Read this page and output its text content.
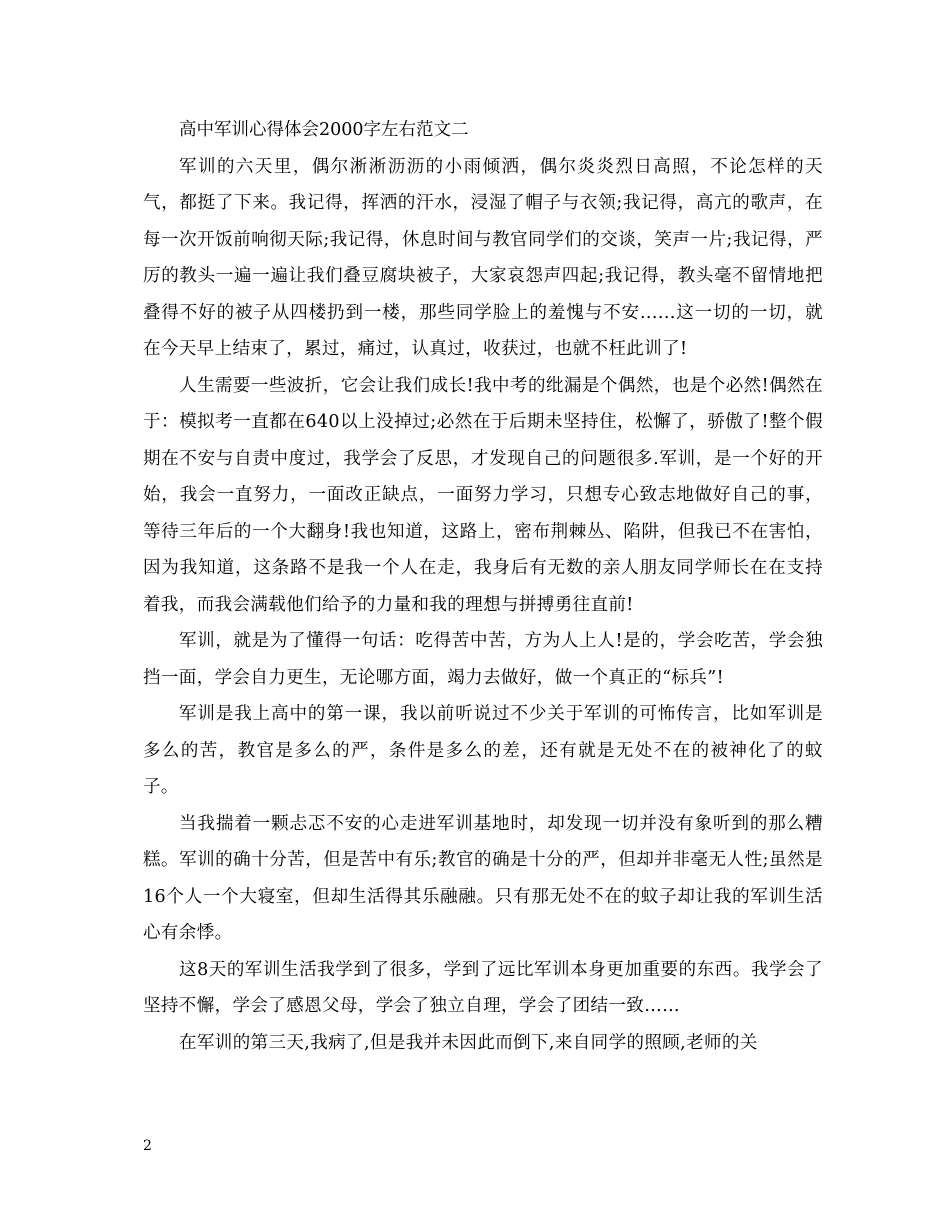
高中军训心得体会2000字左右范文二

军训的六天里，偶尔淅淅沥沥的小雨倾洒，偶尔炎炎烈日高照，不论怎样的天气，都挺了下来。我记得，挥洒的汗水，浸湿了帽子与衣领;我记得，高亢的歌声，在每一次开饭前响彻天际;我记得，休息时间与教官同学们的交谈，笑声一片;我记得，严厉的教头一遍一遍让我们叠豆腐块被子，大家哀怨声四起;我记得，教头毫不留情地把叠得不好的被子从四楼扔到一楼，那些同学脸上的羞愧与不安......这一切的一切，就在今天早上结束了，累过，痛过，认真过，收获过，也就不枉此训了!

人生需要一些波折，它会让我们成长!我中考的纰漏是个偶然，也是个必然!偶然在于：模拟考一直都在640以上没掉过;必然在于后期未坚持住，松懈了，骄傲了!整个假期在不安与自责中度过，我学会了反思，才发现自己的问题很多.军训，是一个好的开始，我会一直努力，一面改正缺点，一面努力学习，只想专心致志地做好自己的事，等待三年后的一个大翻身!我也知道，这路上，密布荆棘丛、陷阱，但我已不在害怕，因为我知道，这条路不是我一个人在走，我身后有无数的亲人朋友同学师长在在支持着我，而我会满载他们给予的力量和我的理想与拼搏勇往直前!

军训，就是为了懂得一句话：吃得苦中苦，方为人上人!是的，学会吃苦，学会独挡一面，学会自力更生，无论哪方面，竭力去做好，做一个真正的“标兵”!

军训是我上高中的第一课，我以前听说过不少关于军训的可怖传言，比如军训是多么的苦，教官是多么的严，条件是多么的差，还有就是无处不在的被神化了的蚊子。

当我揣着一颗忐忑不安的心走进军训基地时，却发现一切并没有象听到的那么糟糕。军训的确十分苦，但是苦中有乐;教官的确是十分的严，但却并非毫无人性;虽然是16个人一个大寝室，但却生活得其乐融融。只有那无处不在的蚊子却让我的军训生活心有余悸。

这8天的军训生活我学到了很多，学到了远比军训本身更加重要的东西。我学会了坚持不懈，学会了感恩父母，学会了独立自理，学会了团结一致……

在军训的第三天,我病了,但是我并未因此而倒下,来自同学的照顾,老师的关

2
